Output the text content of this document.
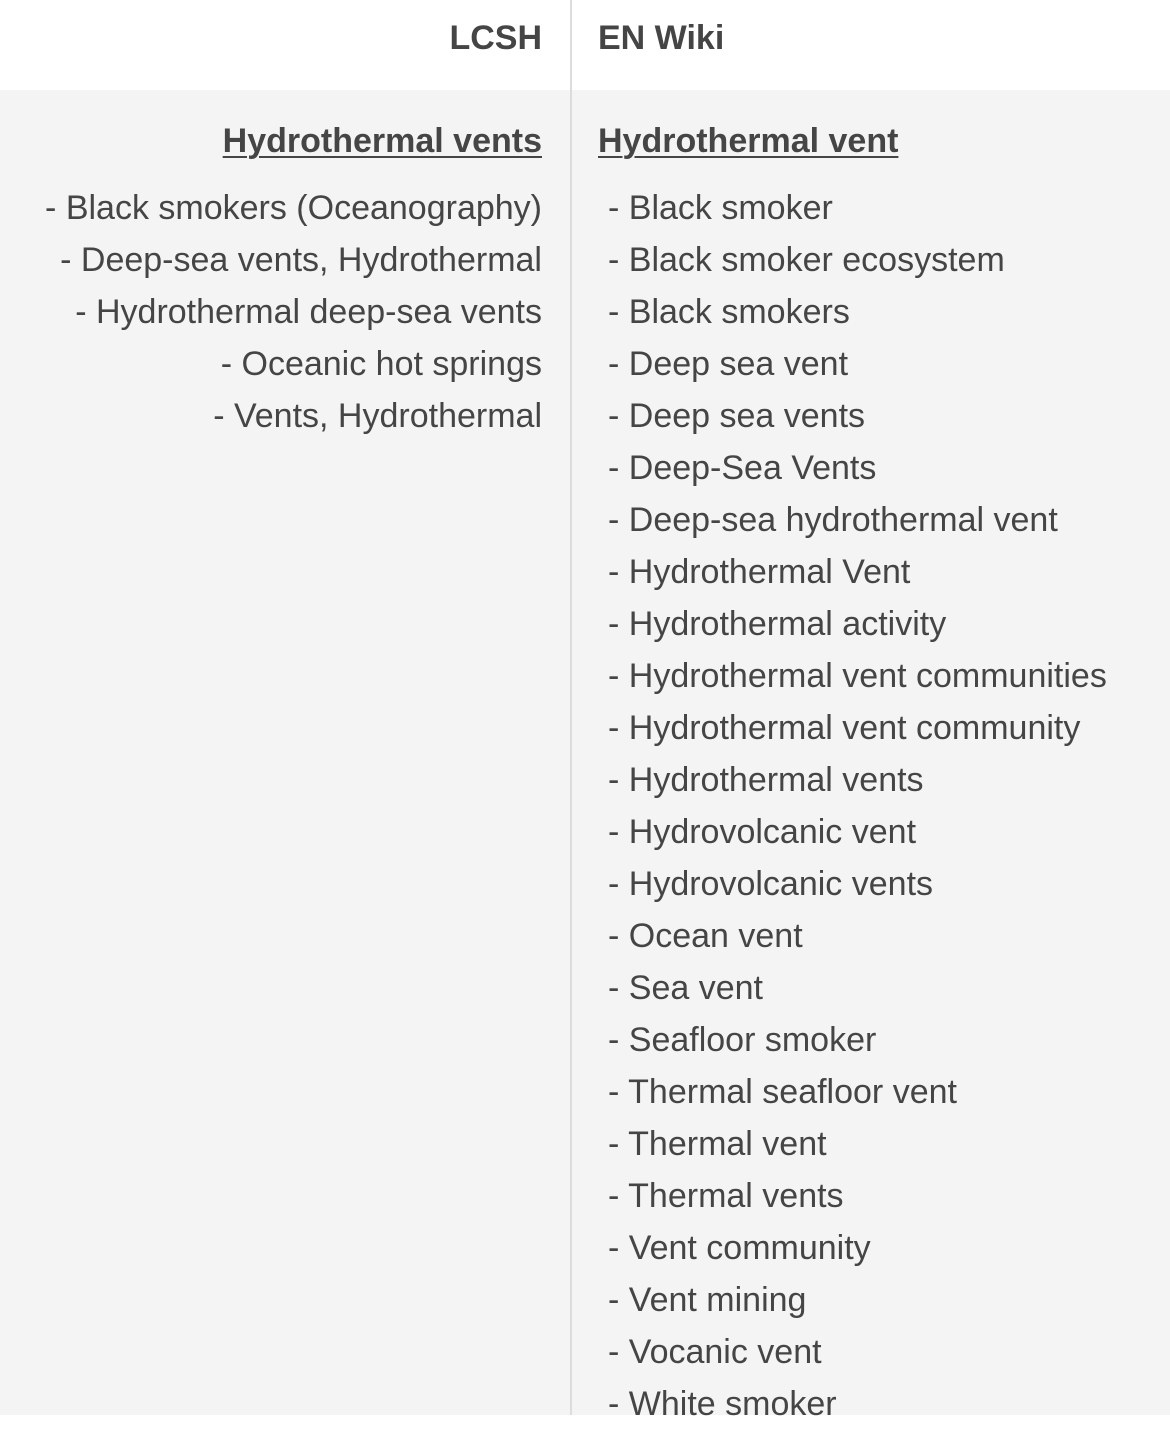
LCSH EN Wiki
Hydrothermal vents Hydrothermal vent
- Black smokers (Oceanography)
- Deep-sea vents, Hydrothermal
- Hydrothermal deep-sea vents
- Oceanic hot springs
- Vents, Hydrothermal
- Black smoker
- Black smoker ecosystem
- Black smokers
- Deep sea vent
- Deep sea vents
- Deep-Sea Vents
- Deep-sea hydrothermal vent
- Hydrothermal Vent
- Hydrothermal activity
- Hydrothermal vent communities
- Hydrothermal vent community
- Hydrothermal vents
- Hydrovolcanic vent
- Hydrovolcanic vents
- Ocean vent
- Sea vent
- Seafloor smoker
- Thermal seafloor vent
- Thermal vent
- Thermal vents
- Vent community
- Vent mining
- Vocanic vent
- White smoker
